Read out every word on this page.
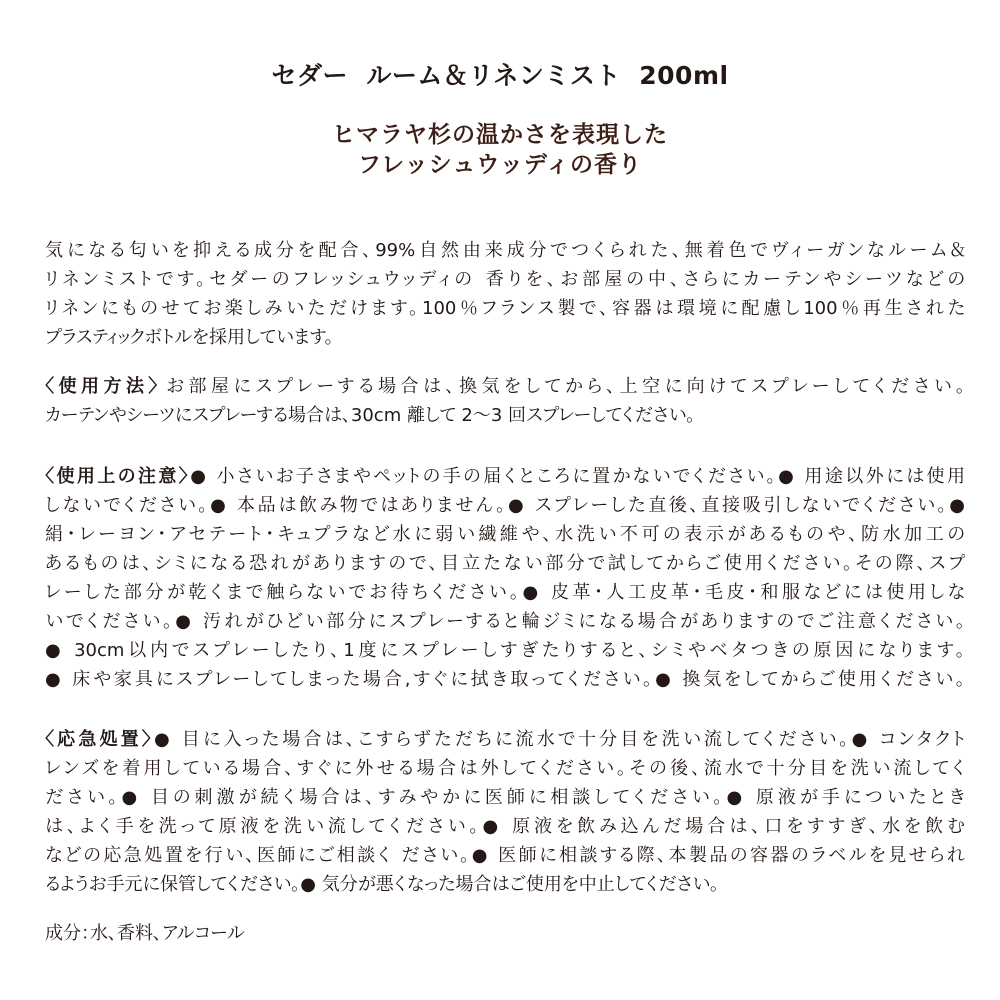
セダー  ルーム＆リネンミスト  200ml
ヒマラヤ杉の温かさを表現した
フレッシュウッディの香り
気になる匂いを抑える成分を配合、99%自然由来成分でつくられた、無着色でヴィーガンなルーム＆
リネンミストです。セダーのフレッシュウッディの 香りを、お部屋の中、さらにカーテンやシーツなどの
リネンにものせてお楽しみいただけます。100％フランス製で、容器は環境に配慮し100％再生された
プラスティックボトルを採用しています。
〈使用方法〉 お部屋にスプレーする場合は、換気をしてから、上空に向けてスプレーしてください。
カーテンやシーツにスプレーする場合は、30cm 離して 2〜3 回スプレーしてください。
〈使用上の注意〉● 小さいお子さまやペットの手の届くところに置かないでください。● 用途以外には使用
しないでください。● 本品は飲み物ではありません。● スプレーした直後、直接吸引しないでください。●
絹・レーヨン・アセテート・キュプラなど水に弱い繊維や、水洗い不可の表示があるものや、防水加工の
あるものは、シミになる恐れがありますので、目立たない部分で試してからご使用ください。その際、スプ
レーした部分が乾くまで触らないでお待ちください。● 皮革・人工皮革・毛皮・和服などには使用しな
いでください。● 汚れがひどい部分にスプレーすると輪ジミになる場合がありますのでご注意ください。
● 30cm以内でスプレーしたり、1度にスプレーしすぎたりすると、シミやベタつきの原因になります。
● 床や家具にスプレーしてしまった場合,すぐに拭き取ってください。● 換気をしてからご使用ください。
〈応急処置〉● 目に入った場合は、こすらずただちに流水で十分目を洗い流してください。● コンタクト
レンズを着用している場合、すぐに外せる場合は外してください。その後、流水で十分目を洗い流してく
ださい。● 目の刺激が続く場合は、すみやかに医師に相談してください。● 原液が手についたとき
は、よく手を洗って原液を洗い流してください。● 原液を飲み込んだ場合は、口をすすぎ、水を飲む
などの応急処置を行い、医師にご相談く ださい。● 医師に相談する際、本製品の容器のラベルを見せられ
るようお手元に保管してください。● 気分が悪くなった場合はご使用を中止してください。
成分：水、香料、アルコール
